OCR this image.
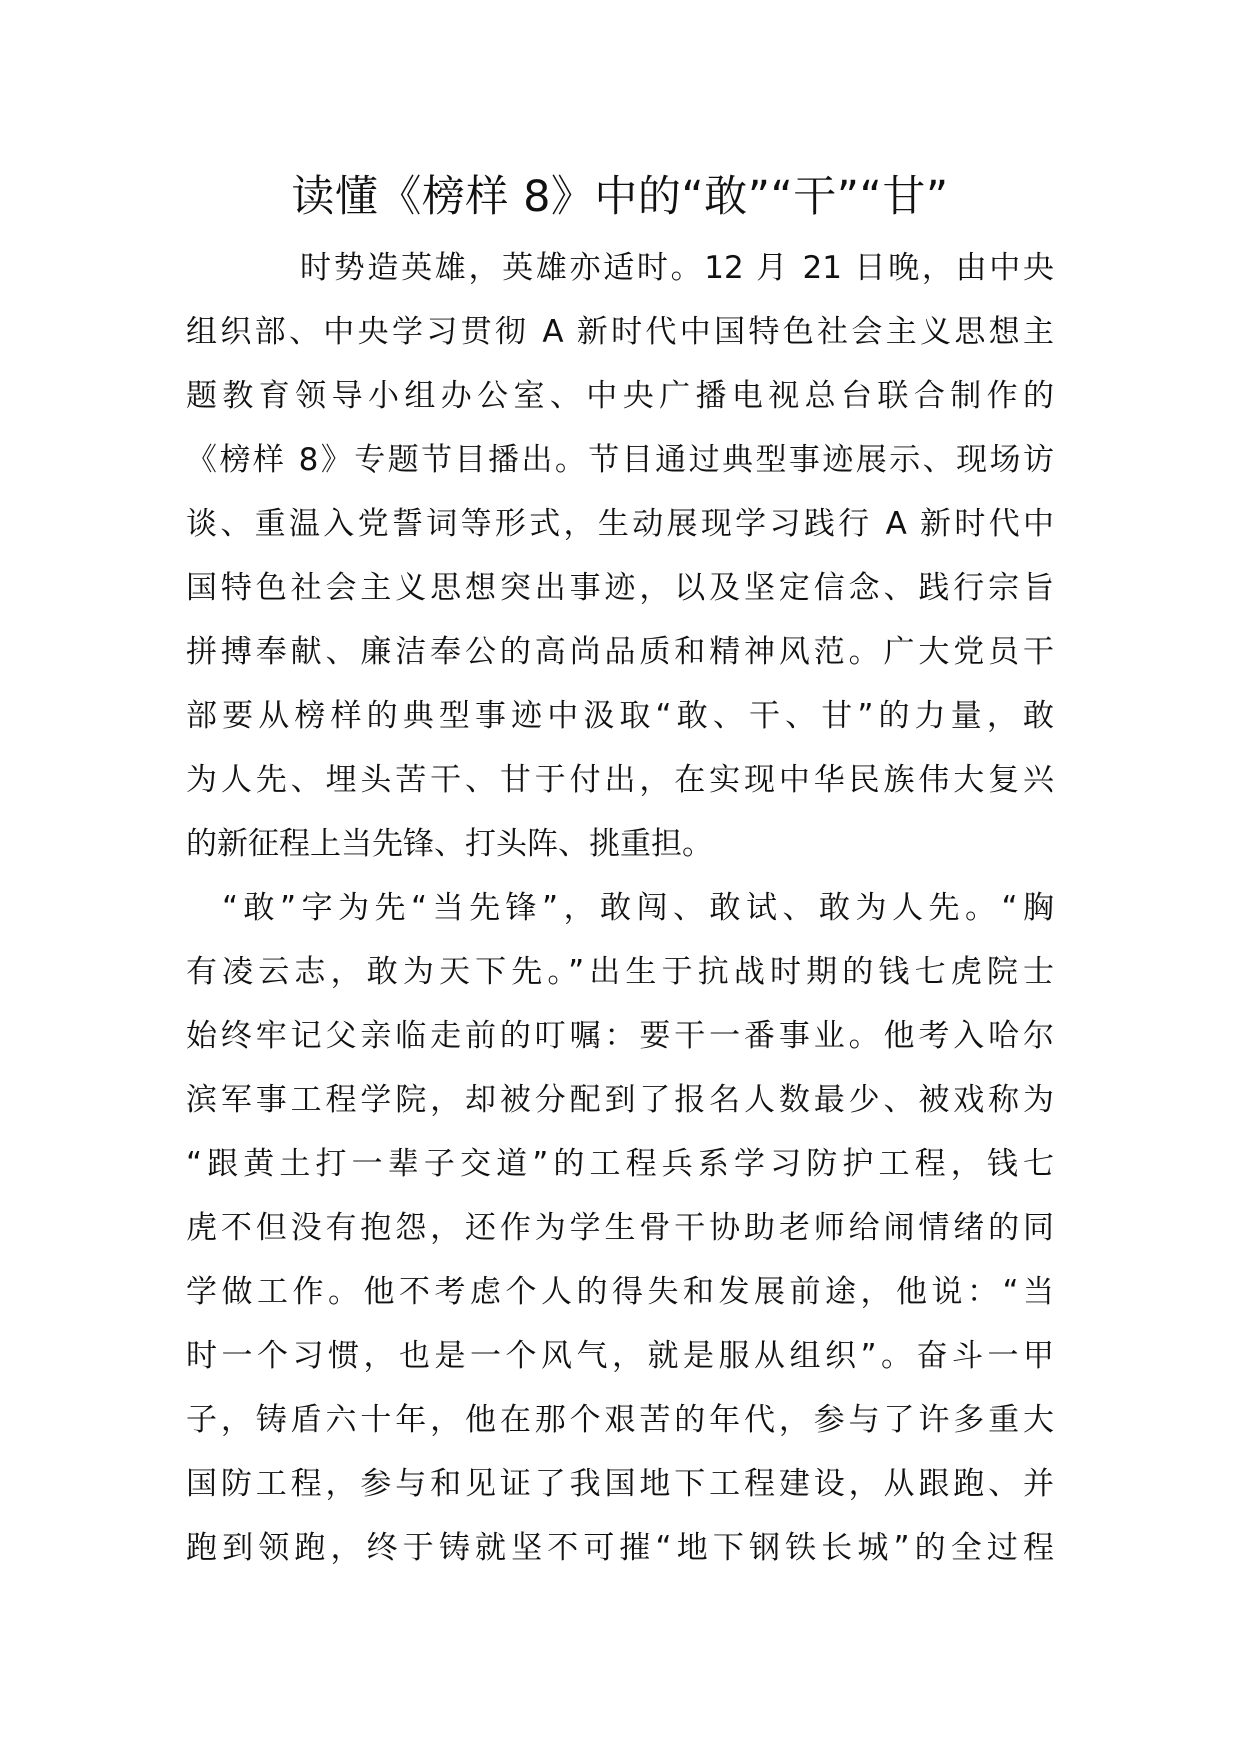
读懂《榜样 8》中的“敢”“干”“甘”
时势造英雄，英雄亦适时。12 月 21 日晚，由中央
组织部、中央学习贯彻 A 新时代中国特色社会主义思想主
题教育领导小组办公室、中央广播电视总台联合制作的
《榜样 8》专题节目播出。节目通过典型事迹展示、现场访
谈、重温入党誓词等形式，生动展现学习践行 A 新时代中
国特色社会主义思想突出事迹，以及坚定信念、践行宗旨
拼搏奉献、廉洁奉公的高尚品质和精神风范。广大党员干
部要从榜样的典型事迹中汲取“敢、干、甘”的力量，敢
为人先、埋头苦干、甘于付出，在实现中华民族伟大复兴
的新征程上当先锋、打头阵、挑重担。
“敢”字为先“当先锋”，敢闯、敢试、敢为人先。“胸
有凌云志，敢为天下先。”出生于抗战时期的钱七虎院士
始终牢记父亲临走前的叮嘱：要干一番事业。他考入哈尔
滨军事工程学院，却被分配到了报名人数最少、被戏称为
“跟黄土打一辈子交道”的工程兵系学习防护工程，钱七
虎不但没有抱怨，还作为学生骨干协助老师给闹情绪的同
学做工作。他不考虑个人的得失和发展前途，他说：“当
时一个习惯，也是一个风气，就是服从组织”。奋斗一甲
子，铸盾六十年，他在那个艰苦的年代，参与了许多重大
国防工程，参与和见证了我国地下工程建设，从跟跑、并
跑到领跑，终于铸就坚不可摧“地下钢铁长城”的全过程
